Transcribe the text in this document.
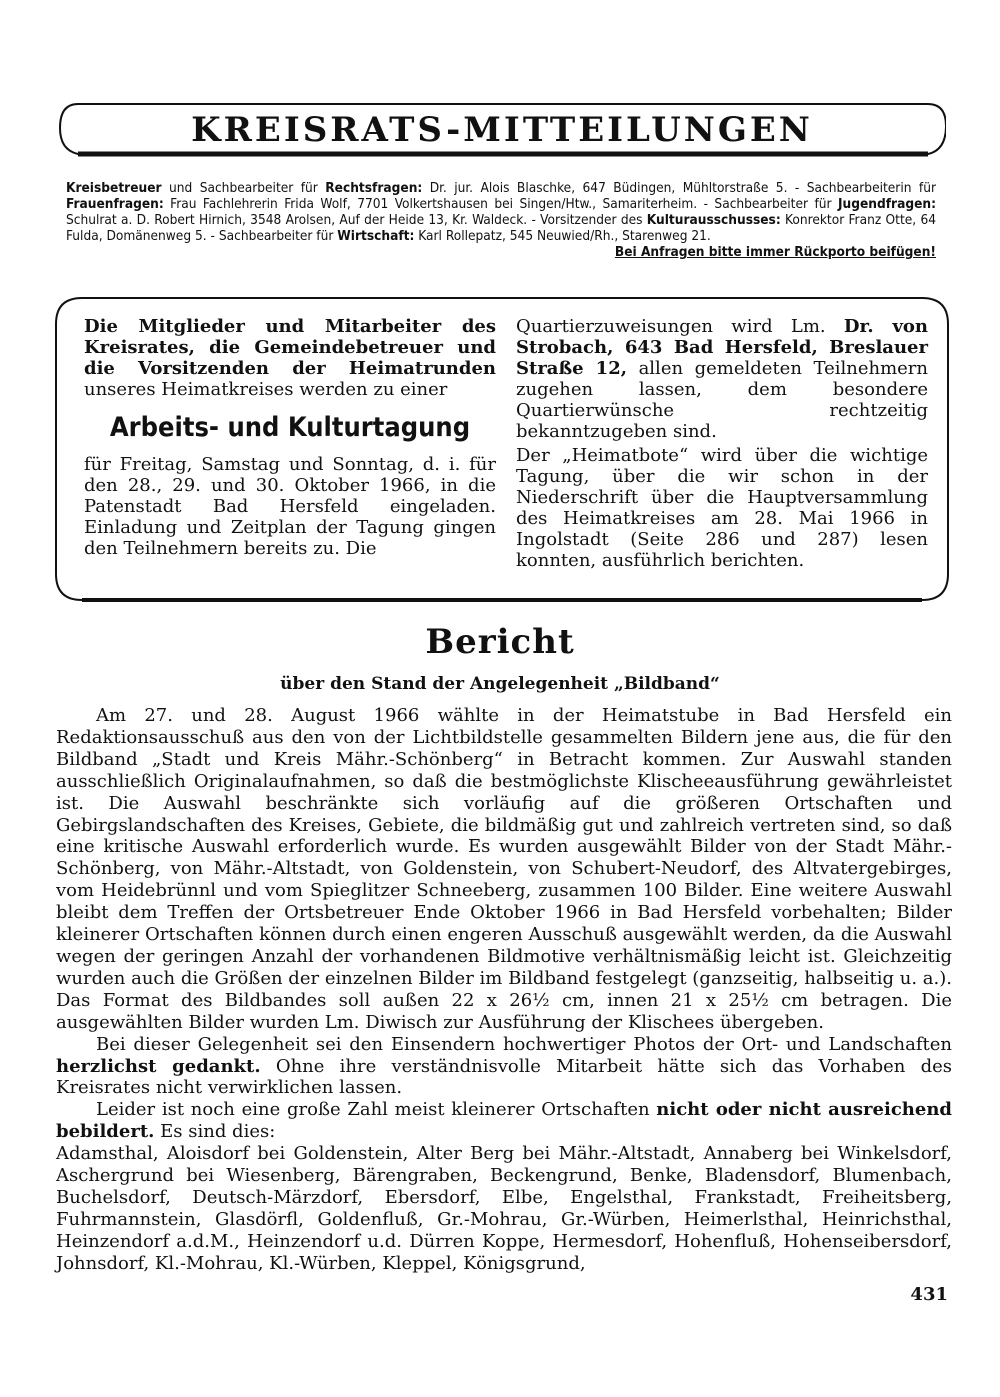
KREISRATS-MITTEILUNGEN
Kreisbetreuer und Sachbearbeiter für Rechtsfragen: Dr. jur. Alois Blaschke, 647 Büdingen, Mühltorstraße 5. - Sachbearbeiterin für Frauenfragen: Frau Fachlehrerin Frida Wolf, 7701 Volkertshausen bei Singen/Htw., Samariterheim. - Sachbearbeiter für Jugendfragen: Schulrat a. D. Robert Hirnich, 3548 Arolsen, Auf der Heide 13, Kr. Waldeck. - Vorsitzender des Kulturausschusses: Konrektor Franz Otte, 64 Fulda, Domänenweg 5. - Sachbearbeiter für Wirtschaft: Karl Rollepatz, 545 Neuwied/Rh., Starenweg 21.
Bei Anfragen bitte immer Rückporto beifügen!

Die Mitglieder und Mitarbeiter des Kreisrates, die Gemeindebetreuer und die Vorsitzenden der Heimatrunden unseres Heimatkreises werden zu einer

Arbeits- und Kulturtagung

für Freitag, Samstag und Sonntag, d. i. für den 28., 29. und 30. Oktober 1966, in die Patenstadt Bad Hersfeld eingeladen. Einladung und Zeitplan der Tagung gingen den Teilnehmern bereits zu. Die

Quartierzuweisungen wird Lm. Dr. von Strobach, 643 Bad Hersfeld, Breslauer Straße 12, allen gemeldeten Teilnehmern zugehen lassen, dem besondere Quartierwünsche rechtzeitig bekanntzugeben sind.

Der „Heimatbote“ wird über die wichtige Tagung, über die wir schon in der Niederschrift über die Hauptversammlung des Heimatkreises am 28. Mai 1966 in Ingolstadt (Seite 286 und 287) lesen konnten, ausführlich berichten.

Bericht
über den Stand der Angelegenheit „Bildband“

Am 27. und 28. August 1966 wählte in der Heimatstube in Bad Hersfeld ein Redaktionsausschuß aus den von der Lichtbildstelle gesammelten Bildern jene aus, die für den Bildband „Stadt und Kreis Mähr.-Schönberg“ in Betracht kommen. Zur Auswahl standen ausschließlich Originalaufnahmen, so daß die bestmöglichste Klischeeausführung gewährleistet ist. Die Auswahl beschränkte sich vorläufig auf die größeren Ortschaften und Gebirgslandschaften des Kreises, Gebiete, die bildmäßig gut und zahlreich vertreten sind, so daß eine kritische Auswahl erforderlich wurde. Es wurden ausgewählt Bilder von der Stadt Mähr.-Schönberg, von Mähr.-Altstadt, von Goldenstein, von Schubert-Neudorf, des Altvatergebirges, vom Heidebrünnl und vom Spieglitzer Schneeberg, zusammen 100 Bilder. Eine weitere Auswahl bleibt dem Treffen der Ortsbetreuer Ende Oktober 1966 in Bad Hersfeld vorbehalten; Bilder kleinerer Ortschaften können durch einen engeren Ausschuß ausgewählt werden, da die Auswahl wegen der geringen Anzahl der vorhandenen Bildmotive verhältnismäßig leicht ist. Gleichzeitig wurden auch die Größen der einzelnen Bilder im Bildband festgelegt (ganzseitig, halbseitig u. a.). Das Format des Bildbandes soll außen 22 x 26½ cm, innen 21 x 25½ cm betragen. Die ausgewählten Bilder wurden Lm. Diwisch zur Ausführung der Klischees übergeben.

Bei dieser Gelegenheit sei den Einsendern hochwertiger Photos der Ort- und Landschaften herzlichst gedankt. Ohne ihre verständnisvolle Mitarbeit hätte sich das Vorhaben des Kreisrates nicht verwirklichen lassen.

Leider ist noch eine große Zahl meist kleinerer Ortschaften nicht oder nicht ausreichend bebildert. Es sind dies:

Adamsthal, Aloisdorf bei Goldenstein, Alter Berg bei Mähr.-Altstadt, Annaberg bei Winkelsdorf, Aschergrund bei Wiesenberg, Bärengraben, Beckengrund, Benke, Bladensdorf, Blumenbach, Buchelsdorf, Deutsch-Märzdorf, Ebersdorf, Elbe, Engelsthal, Frankstadt, Freiheitsberg, Fuhrmannstein, Glasdörfl, Goldenfluß, Gr.-Mohrau, Gr.-Würben, Heimerlsthal, Heinrichsthal, Heinzendorf a.d.M., Heinzendorf u.d. Dürren Koppe, Hermesdorf, Hohenfluß, Hohenseibersdorf, Johnsdorf, Kl.-Mohrau, Kl.-Würben, Kleppel, Königsgrund,

431
